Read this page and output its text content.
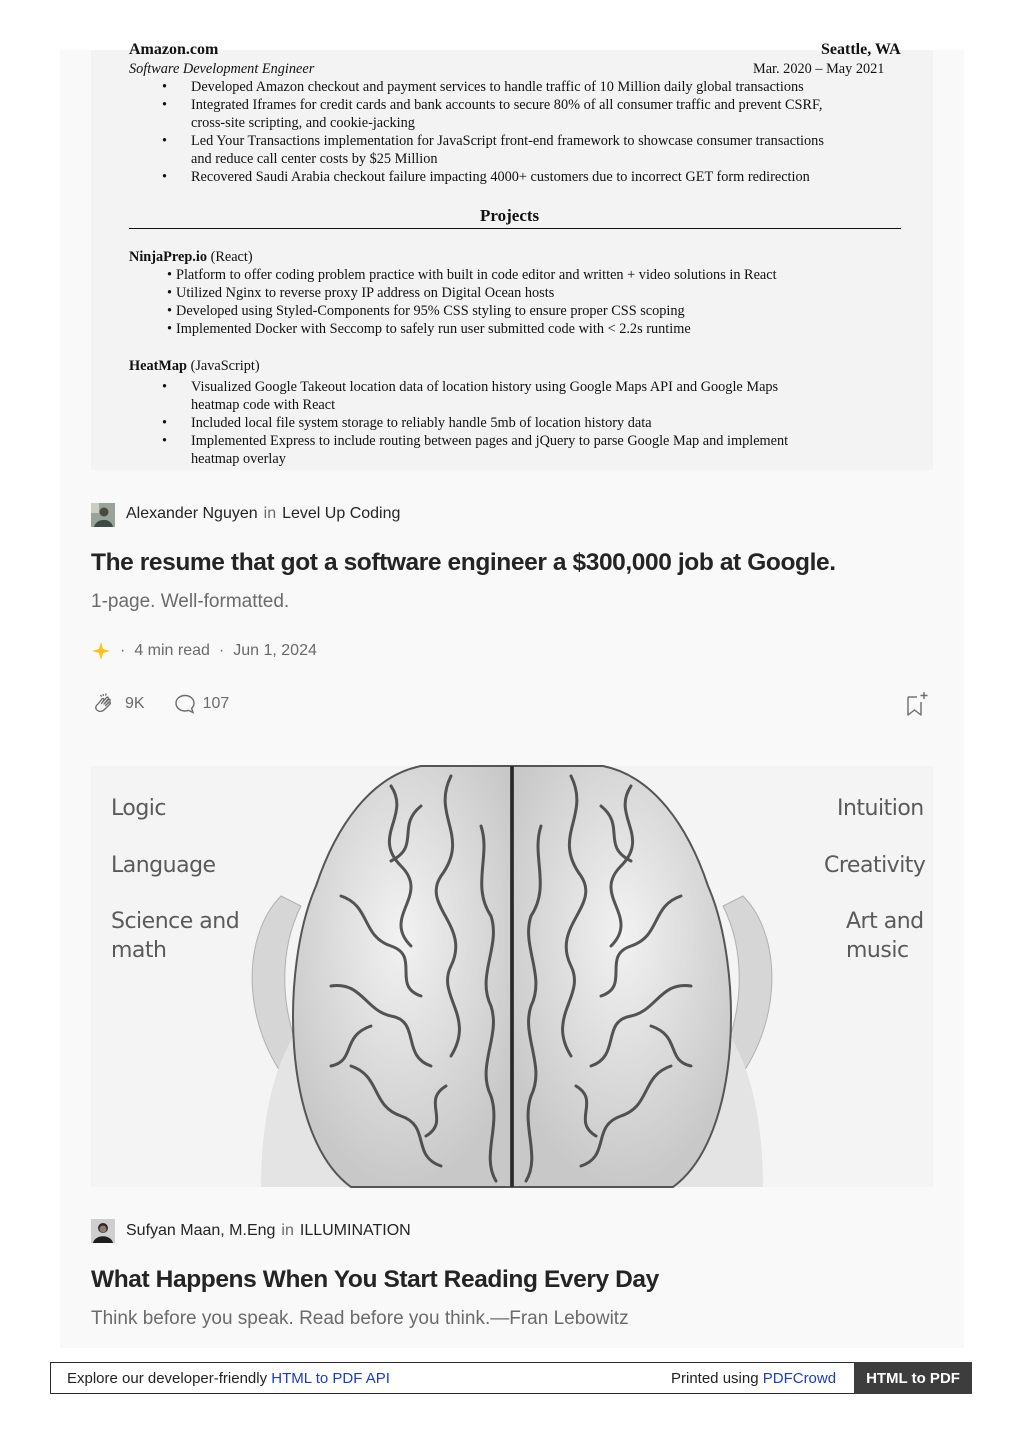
Amazon.com	Seattle, WA
Software Development Engineer	Mar. 2020 – May 2021
• Developed Amazon checkout and payment services to handle traffic of 10 Million daily global transactions
• Integrated Iframes for credit cards and bank accounts to secure 80% of all consumer traffic and prevent CSRF,
cross-site scripting, and cookie-jacking
• Led Your Transactions implementation for JavaScript front-end framework to showcase consumer transactions
and reduce call center costs by $25 Million
• Recovered Saudi Arabia checkout failure impacting 4000+ customers due to incorrect GET form redirection
Projects
NinjaPrep.io (React)
• Platform to offer coding problem practice with built in code editor and written + video solutions in React
• Utilized Nginx to reverse proxy IP address on Digital Ocean hosts
• Developed using Styled-Components for 95% CSS styling to ensure proper CSS scoping
• Implemented Docker with Seccomp to safely run user submitted code with < 2.2s runtime
HeatMap (JavaScript)
• Visualized Google Takeout location data of location history using Google Maps API and Google Maps
heatmap code with React
• Included local file system storage to reliably handle 5mb of location history data
• Implemented Express to include routing between pages and jQuery to parse Google Map and implement
heatmap overlay
Alexander Nguyen in Level Up Coding
The resume that got a software engineer a $300,000 job at Google.
1-page. Well-formatted.
· 4 min read · Jun 1, 2024
9K	107
Logic
Language
Science and
math
Intuition
Creativity
Art and
music
Sufyan Maan, M.Eng in ILLUMINATION
What Happens When You Start Reading Every Day
Think before you speak. Read before you think.—Fran Lebowitz
Explore our developer-friendly HTML to PDF API	Printed using PDFCrowd	HTML to PDF
